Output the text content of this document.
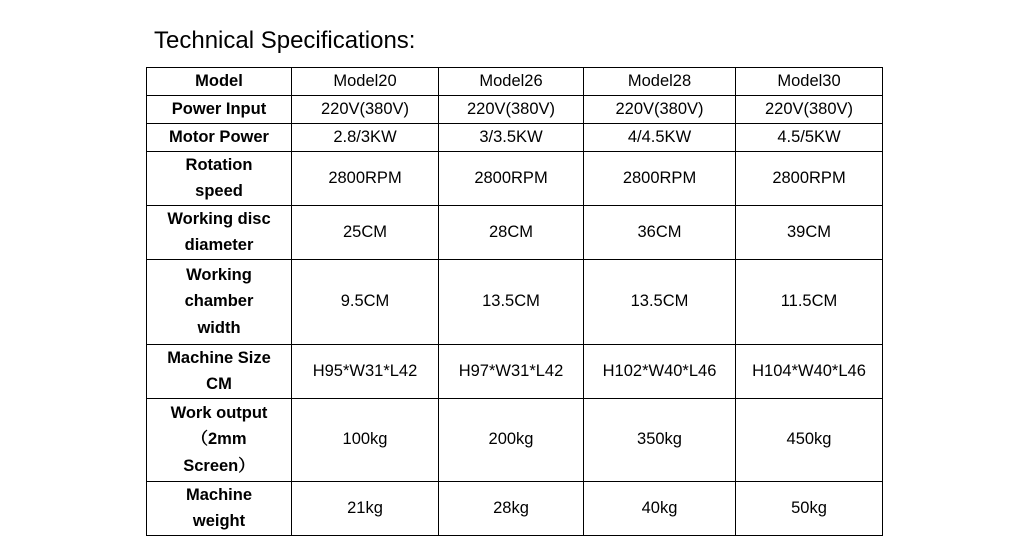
Technical Specifications:
Model	Model20	Model26	Model28	Model30

Power Input	220V(380V)	220V(380V)	220V(380V)	220V(380V)

Motor Power	2.8/3KW	3/3.5KW	4/4.5KW	4.5/5KW

Rotation
speed	2800RPM	2800RPM	2800RPM	2800RPM

Working disc
diameter	25CM	28CM	36CM	39CM

Working
chamber
width	9.5CM	13.5CM	13.5CM	11.5CM

Machine Size
CM	H95*W31*L42	H97*W31*L42	H102*W40*L46	H104*W40*L46

Work output
（2mm
Screen）	100kg	200kg	350kg	450kg

Machine
weight	21kg	28kg	40kg	50kg
